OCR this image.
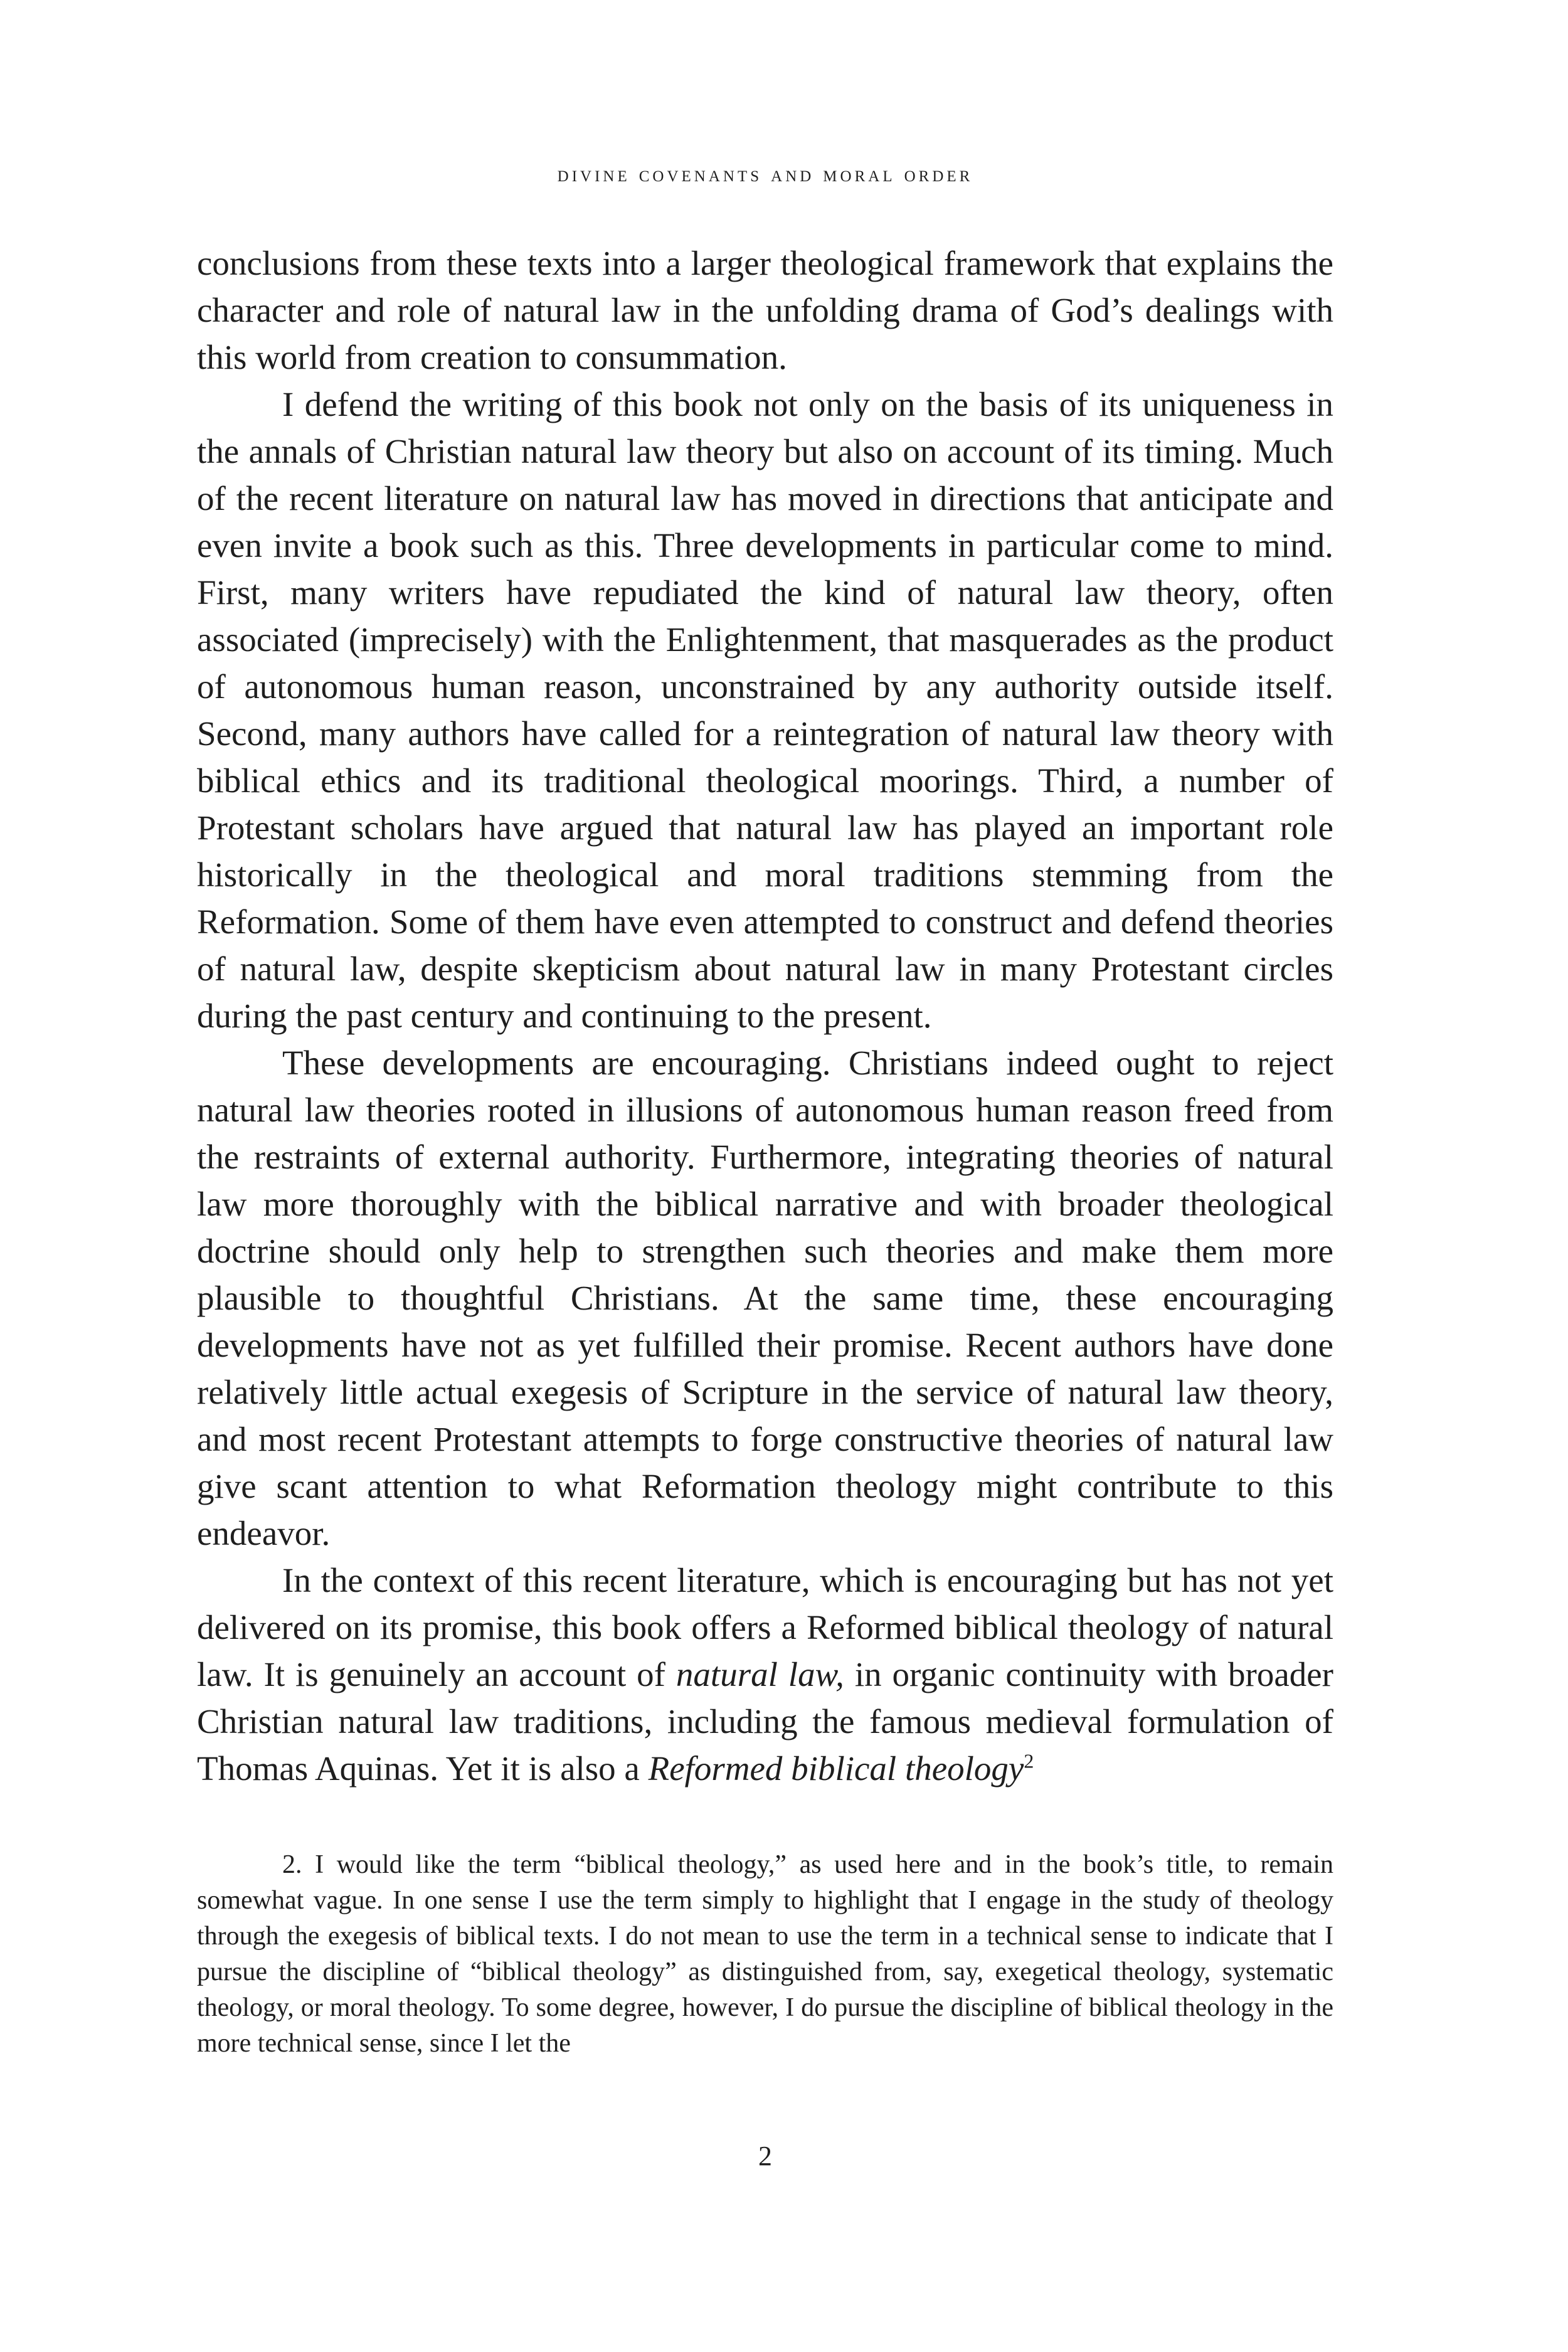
divine covenants and moral order

conclusions from these texts into a larger theological framework that explains the character and role of natural law in the unfolding drama of God’s dealings with this world from creation to consummation.

I defend the writing of this book not only on the basis of its uniqueness in the annals of Christian natural law theory but also on account of its timing. Much of the recent literature on natural law has moved in directions that anticipate and even invite a book such as this. Three developments in particular come to mind. First, many writers have repudiated the kind of natural law theory, often associated (imprecisely) with the Enlightenment, that masquerades as the product of autonomous human reason, unconstrained by any authority outside itself. Second, many authors have called for a reintegration of natural law theory with biblical ethics and its traditional theological moorings. Third, a number of Protestant scholars have argued that natural law has played an important role historically in the theological and moral traditions stemming from the Reformation. Some of them have even attempted to construct and defend theories of natural law, despite skepticism about natural law in many Protestant circles during the past century and continuing to the present.

These developments are encouraging. Christians indeed ought to reject natural law theories rooted in illusions of autonomous human reason freed from the restraints of external authority. Furthermore, integrating theories of natural law more thoroughly with the biblical narrative and with broader theological doctrine should only help to strengthen such theories and make them more plausible to thoughtful Christians. At the same time, these encouraging developments have not as yet fulfilled their promise. Recent authors have done relatively little actual exegesis of Scripture in the service of natural law theory, and most recent Protestant attempts to forge constructive theories of natural law give scant attention to what Reformation theology might contribute to this endeavor.

In the context of this recent literature, which is encouraging but has not yet delivered on its promise, this book offers a Reformed biblical theology of natural law. It is genuinely an account of natural law, in organic continuity with broader Christian natural law traditions, including the famous medieval formulation of Thomas Aquinas. Yet it is also a Reformed biblical theology$^2$

2. I would like the term “biblical theology,” as used here and in the book’s title, to remain somewhat vague. In one sense I use the term simply to highlight that I engage in the study of theology through the exegesis of biblical texts. I do not mean to use the term in a technical sense to indicate that I pursue the discipline of “biblical theology” as distinguished from, say, exegetical theology, systematic theology, or moral theology. To some degree, however, I do pursue the discipline of biblical theology in the more technical sense, since I let the

2
